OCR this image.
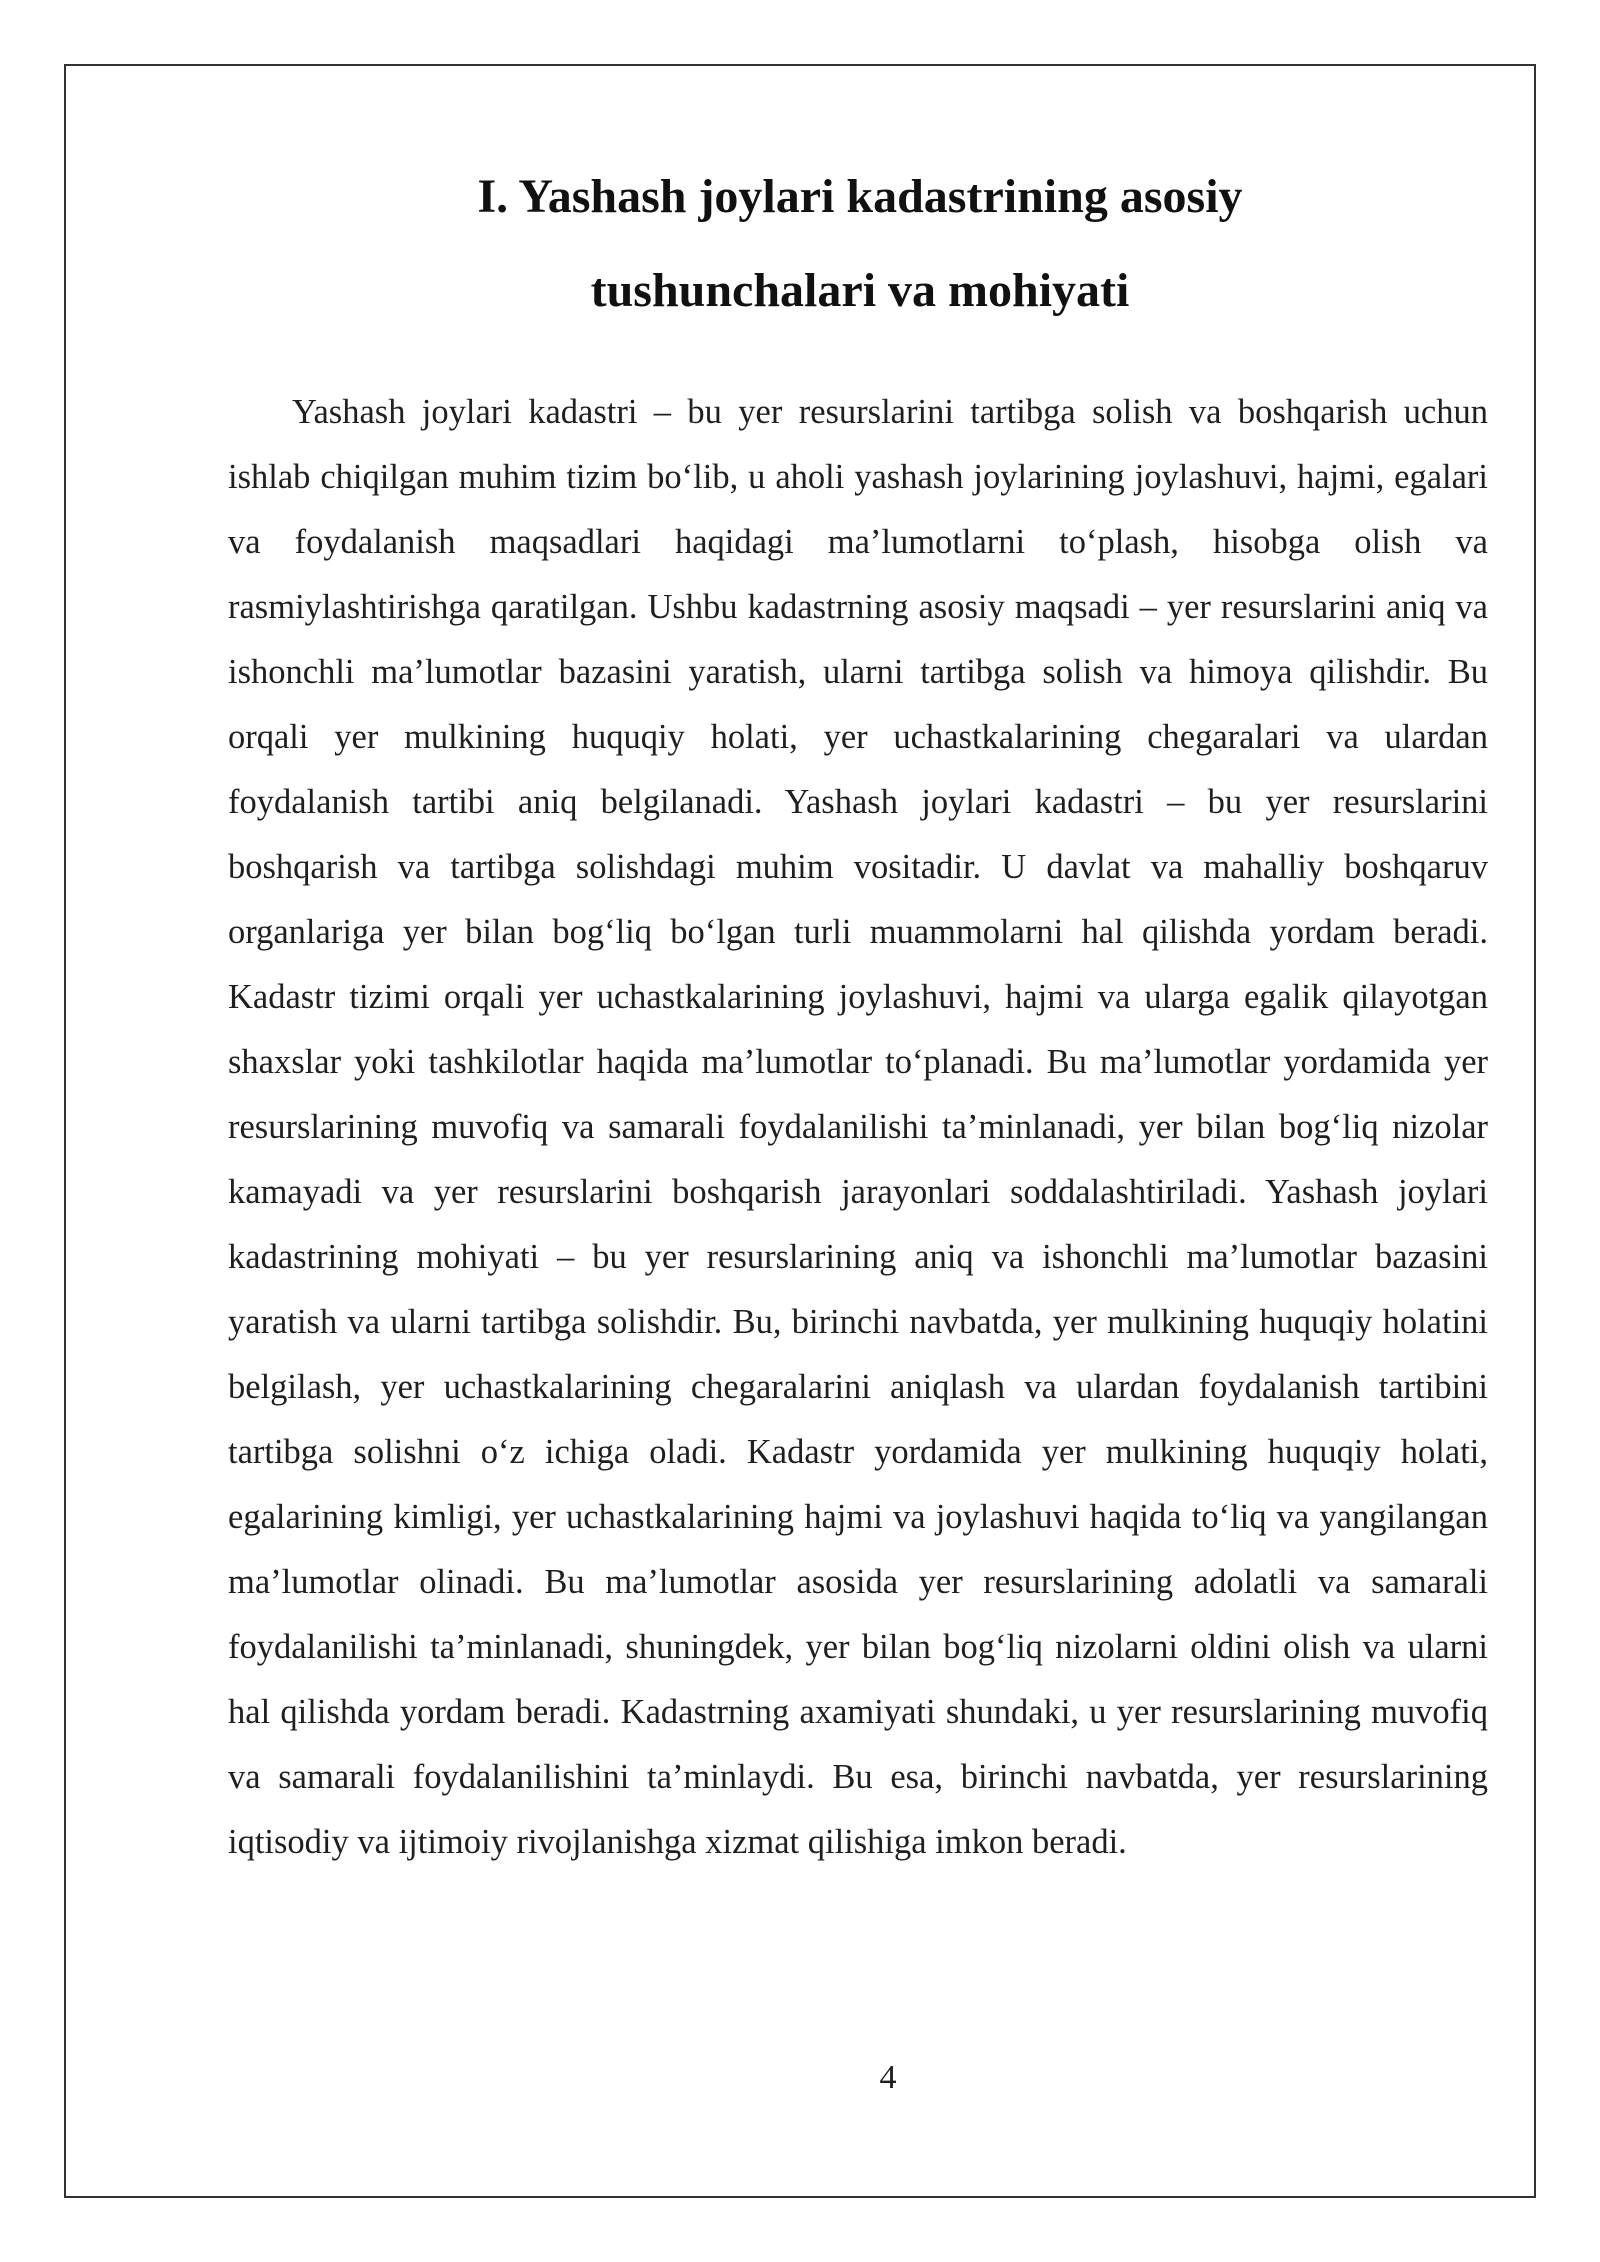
I. Yashash joylari kadastrining asosiy
tushunchalari va mohiyati

Yashash joylari kadastri – bu yer resurslarini tartibga solish va boshqarish uchun ishlab chiqilgan muhim tizim bo‘lib, u aholi yashash joylarining joylashuvi, hajmi, egalari va foydalanish maqsadlari haqidagi ma’lumotlarni to‘plash, hisobga olish va rasmiylashtirishga qaratilgan. Ushbu kadastrning asosiy maqsadi – yer resurslarini aniq va ishonchli ma’lumotlar bazasini yaratish, ularni tartibga solish va himoya qilishdir. Bu orqali yer mulkining huquqiy holati, yer uchastkalarining chegaralari va ulardan foydalanish tartibi aniq belgilanadi. Yashash joylari kadastri – bu yer resurslarini boshqarish va tartibga solishdagi muhim vositadir. U davlat va mahalliy boshqaruv organlariga yer bilan bog‘liq bo‘lgan turli muammolarni hal qilishda yordam beradi. Kadastr tizimi orqali yer uchastkalarining joylashuvi, hajmi va ularga egalik qilayotgan shaxslar yoki tashkilotlar haqida ma’lumotlar to‘planadi. Bu ma’lumotlar yordamida yer resurslarining muvofiq va samarali foydalanilishi ta’minlanadi, yer bilan bog‘liq nizolar kamayadi va yer resurslarini boshqarish jarayonlari soddalashtiriladi. Yashash joylari kadastrining mohiyati – bu yer resurslarining aniq va ishonchli ma’lumotlar bazasini yaratish va ularni tartibga solishdir. Bu, birinchi navbatda, yer mulkining huquqiy holatini belgilash, yer uchastkalarining chegaralarini aniqlash va ulardan foydalanish tartibini tartibga solishni o‘z ichiga oladi. Kadastr yordamida yer mulkining huquqiy holati, egalarining kimligi, yer uchastkalarining hajmi va joylashuvi haqida to‘liq va yangilangan ma’lumotlar olinadi. Bu ma’lumotlar asosida yer resurslarining adolatli va samarali foydalanilishi ta’minlanadi, shuningdek, yer bilan bog‘liq nizolarni oldini olish va ularni hal qilishda yordam beradi. Kadastrning axamiyati shundaki, u yer resurslarining muvofiq va samarali foydalanilishini ta’minlaydi. Bu esa, birinchi navbatda, yer resurslarining iqtisodiy va ijtimoiy rivojlanishga xizmat qilishiga imkon beradi.

4
